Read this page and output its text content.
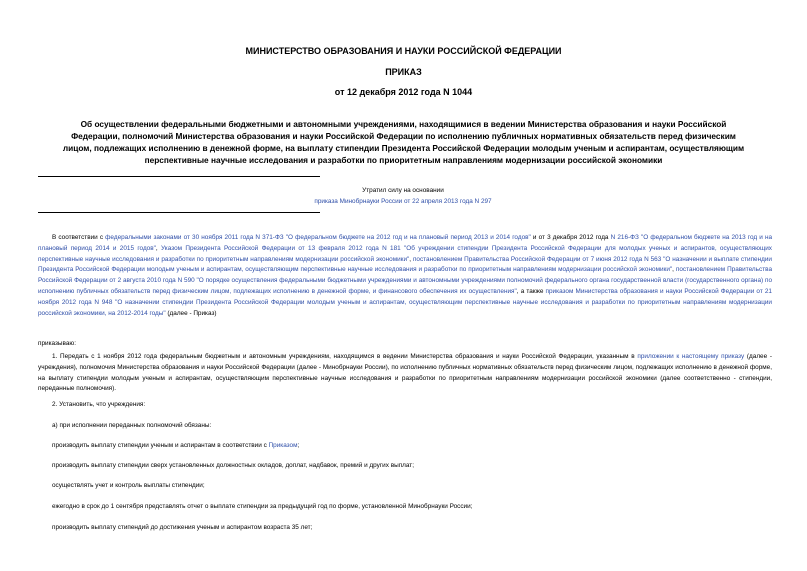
МИНИСТЕРСТВО ОБРАЗОВАНИЯ И НАУКИ РОССИЙСКОЙ ФЕДЕРАЦИИ
ПРИКАЗ
от 12 декабря 2012 года N 1044
Об осуществлении федеральными бюджетными и автономными учреждениями, находящимися в ведении Министерства образования и науки Российской
Федерации, полномочий Министерства образования и науки Российской Федерации по исполнению публичных нормативных обязательств перед физическим
лицом, подлежащих исполнению в денежной форме, на выплату стипендии Президента Российской Федерации молодым ученым и аспирантам, осуществляющим
перспективные научные исследования и разработки по приоритетным направлениям модернизации российской экономики
Утратил силу на основании
приказа Минобрнауки России от 22 апреля 2013 года N 297
В соответствии с федеральными законами от 30 ноября 2011 года N 371-ФЗ "О федеральном бюджете на 2012 год и на плановый период 2013 и 2014 годов" и от 3 декабря 2012 года N 216-ФЗ "О федеральном бюджете на 2013 год и на плановый период 2014 и 2015 годов", Указом Президента Российской Федерации от 13 февраля 2012 года N 181 "Об учреждении стипендии Президента Российской Федерации для молодых ученых и аспирантов, осуществляющих перспективные научные исследования и разработки по приоритетным направлениям модернизации российской экономики", постановлением Правительства Российской Федерации от 7 июня 2012 года N 563 "О назначении и выплате стипендии Президента Российской Федерации молодым ученым и аспирантам, осуществляющим перспективные научные исследования и разработки по приоритетным направлениям модернизации российской экономики", постановлением Правительства Российской Федерации от 2 августа 2010 года N 590 "О порядке осуществления федеральными бюджетными учреждениями и автономными учреждениями полномочий федерального органа государственной власти (государственного органа) по исполнению публичных обязательств перед физическим лицом, подлежащих исполнению в денежной форме, и финансового обеспечения их осуществления", а также приказом Министерства образования и науки Российской Федерации от 21 ноября 2012 года N 948 "О назначении стипендии Президента Российской Федерации молодым ученым и аспирантам, осуществляющим перспективные научные исследования и разработки по приоритетным направлениям модернизации российской экономики, на 2012-2014 годы" (далее - Приказ)
приказываю:
1. Передать с 1 ноября 2012 года федеральным бюджетным и автономным учреждениям, находящимся в ведении Министерства образования и науки Российской Федерации, указанным в приложении к настоящему приказу (далее - учреждения), полномочия Министерства образования и науки Российской Федерации (далее - Минобрнауки России), по исполнению публичных нормативных обязательств перед физическим лицом, подлежащих исполнению в денежной форме, на выплату стипендии молодым ученым и аспирантам, осуществляющим перспективные научные исследования и разработки по приоритетным направлениям модернизации российской экономики (далее соответственно - стипендии, переданные полномочия).
2. Установить, что учреждения:
а) при исполнении переданных полномочий обязаны:
производить выплату стипендии ученым и аспирантам в соответствии с Приказом;
производить выплату стипендии сверх установленных должностных окладов, доплат, надбавок, премий и других выплат;
осуществлять учет и контроль выплаты стипендии;
ежегодно в срок до 1 сентября представлять отчет о выплате стипендии за предыдущий год по форме, установленной Минобрнауки России;
производить выплату стипендий до достижения ученым и аспирантом возраста 35 лет;
